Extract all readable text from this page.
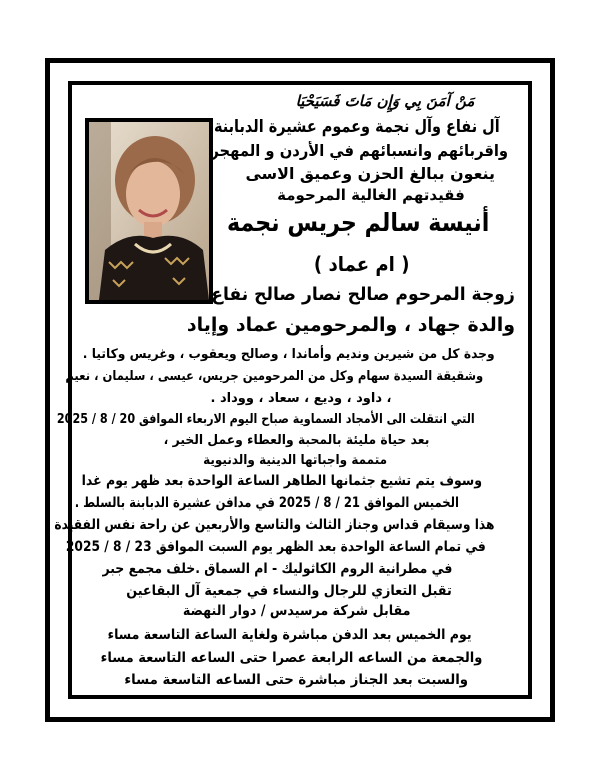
مَنْ آمَنَ بِي وَإِن مَاتَ فَسَيَحْيَا
آل نفاع وآل نجمة وعموم عشيرة الدبابنة
واقربائهم وانسبائهم في الأردن و المهجر
ينعون ببالغ الحزن وعميق الاسى
فقيدتهم الغالية المرحومة
أنيسة سالم جريس نجمة
( ام عماد )
زوجة المرحوم صالح نصار صالح نفاع
والدة جهاد ، والمرحومين عماد وإياد
وجدة كل من شيرين ونديم وأماندا ، وصالح ويعقوب ، وغريس وكاتيا .
وشقيقة السيدة سهام وكل من المرحومين جريس، عيسى ، سليمان ، نعيم
، داود ، وديع ، سعاد ، ووداد .
التي انتقلت الى الأمجاد السماوية صباح اليوم الاربعاء الموافق 20 / 8 / 2025
بعد حياة مليئة بالمحبة والعطاء وعمل الخير ،
متممة واجباتها الدينية والدنيوية
وسوف يتم تشيع جثمانها الطاهر الساعة الواحدة بعد ظهر يوم غدا
الخميس الموافق 21 / 8 / 2025 في مدافن عشيرة الدبابنة بالسلط .
هذا وسيقام قداس وجناز الثالث والتاسع والأربعين عن راحة نفس الفقيدة
في تمام الساعة الواحدة بعد الظهر يوم السبت الموافق 23 / 8 / 2025
في مطرانية الروم الكاثوليك - ام السماق .خلف مجمع جبر
تقبل التعازي للرجال والنساء في جمعية آل البقاعين
مقابل شركة مرسيدس / دوار النهضة
يوم الخميس بعد الدفن مباشرة ولغاية الساعة التاسعة مساء
والجمعة من الساعه الرابعة عصرا حتى الساعه التاسعة مساء
والسبت بعد الجناز مباشرة حتى الساعه التاسعة مساء
